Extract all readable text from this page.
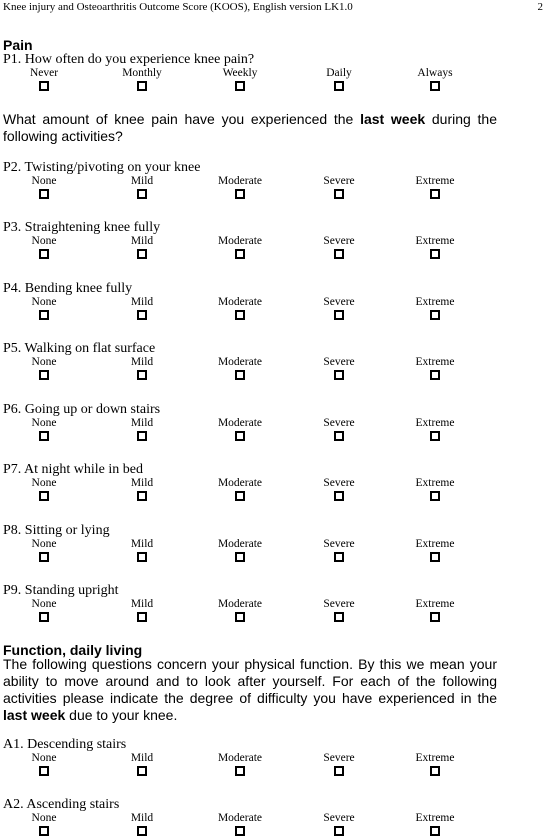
Knee injury and Osteoarthritis Outcome Score (KOOS), English version LK1.0	2
Pain
What amount of knee pain have you experienced the last week during the following activities?
Function, daily living
The following questions concern your physical function. By this we mean your ability to move around and to look after yourself. For each of the following activities please indicate the degree of difficulty you have experienced in the last week due to your knee.
P1. How often do you experience knee pain?
Never	Monthly	Weekly	Daily	Always
P2. Twisting/pivoting on your knee
None	Mild	Moderate	Severe	Extreme
P3. Straightening knee fully
None	Mild	Moderate	Severe	Extreme
P4. Bending knee fully
None	Mild	Moderate	Severe	Extreme
P5. Walking on flat surface
None	Mild	Moderate	Severe	Extreme
P6. Going up or down stairs
None	Mild	Moderate	Severe	Extreme
P7. At night while in bed
None	Mild	Moderate	Severe	Extreme
P8. Sitting or lying
None	Mild	Moderate	Severe	Extreme
P9. Standing upright
None	Mild	Moderate	Severe	Extreme
A1. Descending stairs
None	Mild	Moderate	Severe	Extreme
A2. Ascending stairs
None	Mild	Moderate	Severe	Extreme
